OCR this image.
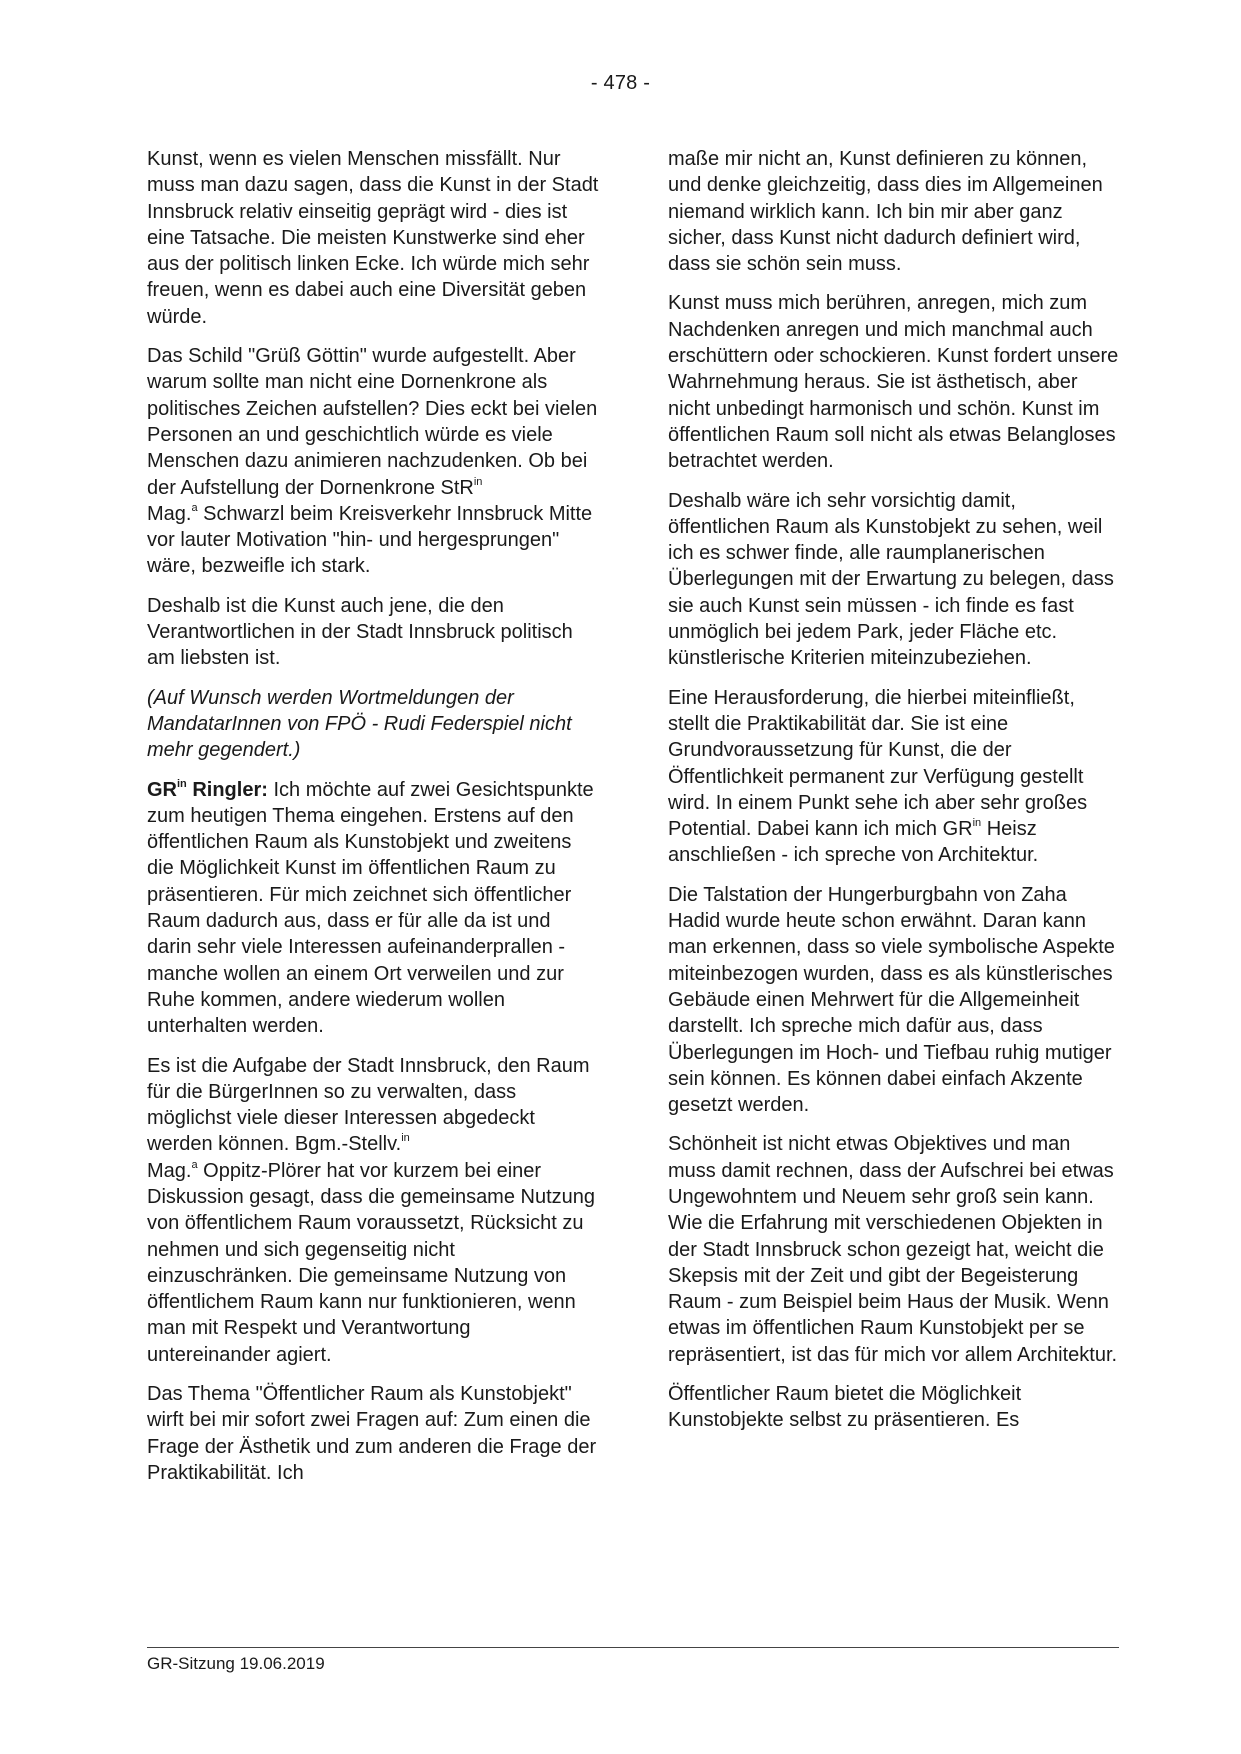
- 478 -

Kunst, wenn es vielen Menschen missfällt. Nur muss man dazu sagen, dass die Kunst in der Stadt Innsbruck relativ einseitig geprägt wird - dies ist eine Tatsache. Die meisten Kunstwerke sind eher aus der politisch linken Ecke. Ich würde mich sehr freuen, wenn es dabei auch eine Diversität geben würde.

Das Schild "Grüß Göttin" wurde aufgestellt. Aber warum sollte man nicht eine Dornenkrone als politisches Zeichen aufstellen? Dies eckt bei vielen Personen an und geschichtlich würde es viele Menschen dazu animieren nachzudenken. Ob bei der Aufstellung der Dornenkrone StR$^{in}$
Mag.$^a$ Schwarzl beim Kreisverkehr Innsbruck Mitte vor lauter Motivation "hin- und hergesprungen" wäre, bezweifle ich stark.

Deshalb ist die Kunst auch jene, die den Verantwortlichen in der Stadt Innsbruck politisch am liebsten ist.

(Auf Wunsch werden Wortmeldungen der MandatarInnen von FPÖ - Rudi Federspiel nicht mehr gegendert.)

$GR^{in}$ Ringler: Ich möchte auf zwei Gesichtspunkte zum heutigen Thema eingehen. Erstens auf den öffentlichen Raum als Kunstobjekt und zweitens die Möglichkeit Kunst im öffentlichen Raum zu präsentieren. Für mich zeichnet sich öffentlicher Raum dadurch aus, dass er für alle da ist und darin sehr viele Interessen aufeinanderprallen - manche wollen an einem Ort verweilen und zur Ruhe kommen, andere wiederum wollen unterhalten werden.

Es ist die Aufgabe der Stadt Innsbruck, den Raum für die BürgerInnen so zu verwalten, dass möglichst viele dieser Interessen abgedeckt werden können. Bgm.-Stellv.$^{in}$
Mag.$^a$ Oppitz-Plörer hat vor kurzem bei einer Diskussion gesagt, dass die gemeinsame Nutzung von öffentlichem Raum voraussetzt, Rücksicht zu nehmen und sich gegenseitig nicht einzuschränken. Die gemeinsame Nutzung von öffentlichem Raum kann nur funktionieren, wenn man mit Respekt und Verantwortung untereinander agiert.

Das Thema "Öffentlicher Raum als Kunstobjekt" wirft bei mir sofort zwei Fragen auf: Zum einen die Frage der Ästhetik und zum anderen die Frage der Praktikabilität. Ich

maße mir nicht an, Kunst definieren zu können, und denke gleichzeitig, dass dies im Allgemeinen niemand wirklich kann. Ich bin mir aber ganz sicher, dass Kunst nicht dadurch definiert wird, dass sie schön sein muss.

Kunst muss mich berühren, anregen, mich zum Nachdenken anregen und mich manchmal auch erschüttern oder schockieren. Kunst fordert unsere Wahrnehmung heraus. Sie ist ästhetisch, aber nicht unbedingt harmonisch und schön. Kunst im öffentlichen Raum soll nicht als etwas Belangloses betrachtet werden.

Deshalb wäre ich sehr vorsichtig damit, öffentlichen Raum als Kunstobjekt zu sehen, weil ich es schwer finde, alle raumplanerischen Überlegungen mit der Erwartung zu belegen, dass sie auch Kunst sein müssen - ich finde es fast unmöglich bei jedem Park, jeder Fläche etc. künstlerische Kriterien miteinzubeziehen.

Eine Herausforderung, die hierbei miteinfließt, stellt die Praktikabilität dar. Sie ist eine Grundvoraussetzung für Kunst, die der Öffentlichkeit permanent zur Verfügung gestellt wird. In einem Punkt sehe ich aber sehr großes Potential. Dabei kann ich mich $GR^{in}$ Heisz anschließen - ich spreche von Architektur.

Die Talstation der Hungerburgbahn von Zaha Hadid wurde heute schon erwähnt. Daran kann man erkennen, dass so viele symbolische Aspekte miteinbezogen wurden, dass es als künstlerisches Gebäude einen Mehrwert für die Allgemeinheit darstellt. Ich spreche mich dafür aus, dass Überlegungen im Hoch- und Tiefbau ruhig mutiger sein können. Es können dabei einfach Akzente gesetzt werden.

Schönheit ist nicht etwas Objektives und man muss damit rechnen, dass der Aufschrei bei etwas Ungewohntem und Neuem sehr groß sein kann. Wie die Erfahrung mit verschiedenen Objekten in der Stadt Innsbruck schon gezeigt hat, weicht die Skepsis mit der Zeit und gibt der Begeisterung Raum - zum Beispiel beim Haus der Musik. Wenn etwas im öffentlichen Raum Kunstobjekt per se repräsentiert, ist das für mich vor allem Architektur.

Öffentlicher Raum bietet die Möglichkeit Kunstobjekte selbst zu präsentieren. Es

GR-Sitzung 19.06.2019
